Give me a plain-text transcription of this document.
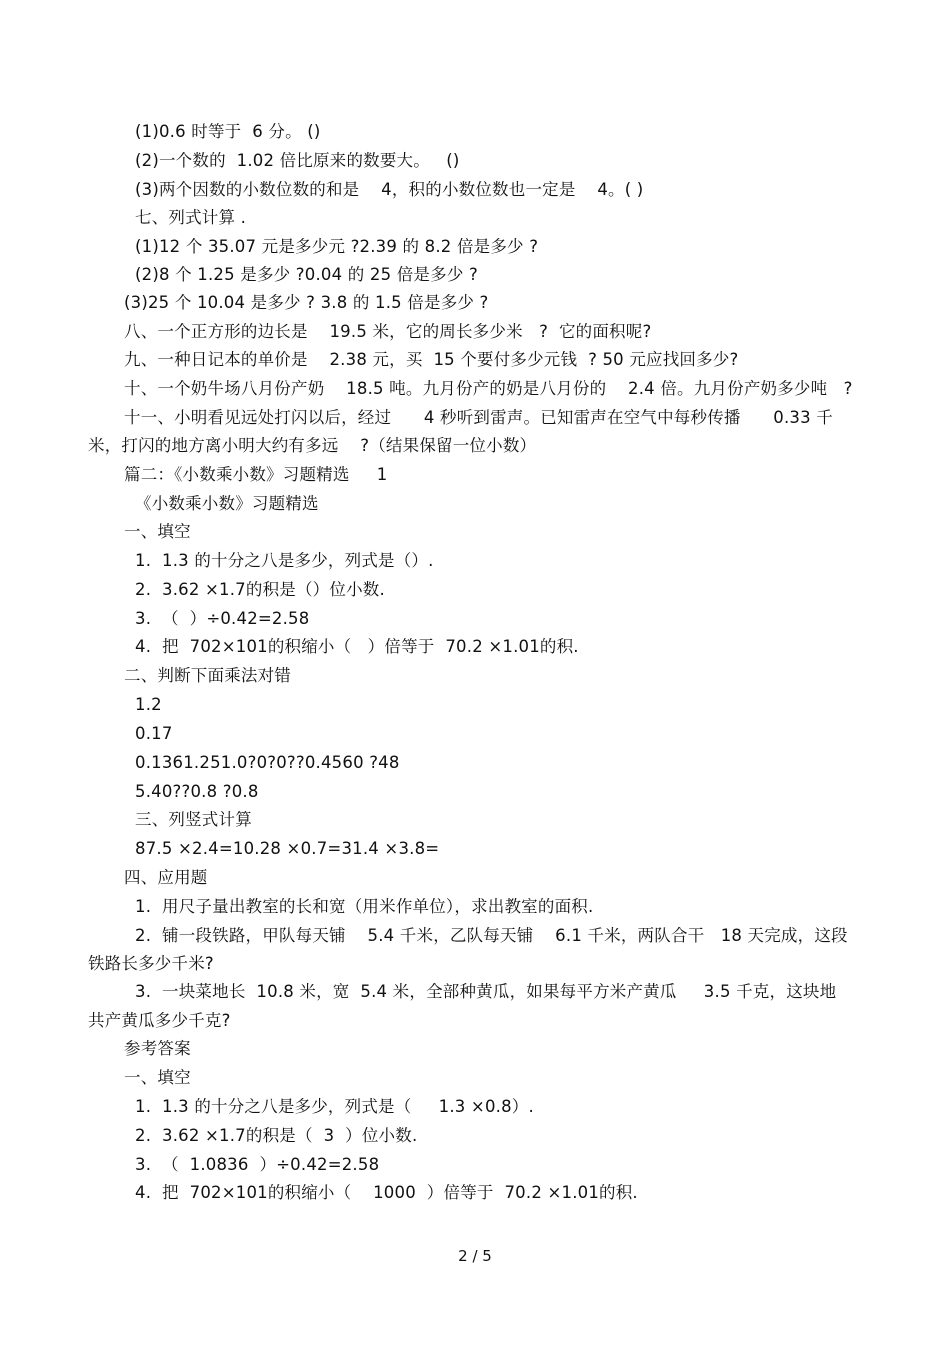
(1)0.6 时等于  6 分。 ()
(2)一个数的  1.02 倍比原来的数要大。   ()
(3)两个因数的小数位数的和是    4，积的小数位数也一定是    4。( )
七、列式计算 .
(1)12 个 35.07 元是多少元 ?2.39 的 8.2 倍是多少 ?
(2)8 个 1.25 是多少 ?0.04 的 25 倍是多少 ?
(3)25 个 10.04 是多少 ? 3.8 的 1.5 倍是多少 ?
八、一个正方形的边长是    19.5 米，它的周长多少米   ?  它的面积呢?
九、一种日记本的单价是    2.38 元，买  15 个要付多少元钱  ? 50 元应找回多少?
十、一个奶牛场八月份产奶    18.5 吨。九月份产的奶是八月份的    2.4 倍。九月份产奶多少吨   ?
十一、小明看见远处打闪以后，经过      4 秒听到雷声。已知雷声在空气中每秒传播      0.33 千
米，打闪的地方离小明大约有多远    ?（结果保留一位小数）
篇二：《小数乘小数》习题精选     1
《小数乘小数》习题精选
一、填空
1.  1.3 的十分之八是多少，列式是（）.
2.  3.62 ×1.7的积是（）位小数.
3.  （  ）÷0.42=2.58
4.  把  702×101的积缩小（   ）倍等于  70.2 ×1.01的积.
二、判断下面乘法对错
1.2
0.17
0.1361.251.0?0?0??0.4560 ?48
5.40??0.8 ?0.8
三、列竖式计算
87.5 ×2.4=10.28 ×0.7=31.4 ×3.8=
四、应用题
1.  用尺子量出教室的长和宽（用米作单位），求出教室的面积.
2.  铺一段铁路，甲队每天铺    5.4 千米，乙队每天铺    6.1 千米，两队合干   18 天完成，这段
铁路长多少千米?
3.  一块菜地长  10.8 米，宽  5.4 米，全部种黄瓜，如果每平方米产黄瓜     3.5 千克，这块地
共产黄瓜多少千克?
参考答案
一、填空
1.  1.3 的十分之八是多少，列式是（     1.3 ×0.8）.
2.  3.62 ×1.7的积是（  3  ）位小数.
3.  （  1.0836  ）÷0.42=2.58
4.  把  702×101的积缩小（    1000  ）倍等于  70.2 ×1.01的积.
2 / 5
